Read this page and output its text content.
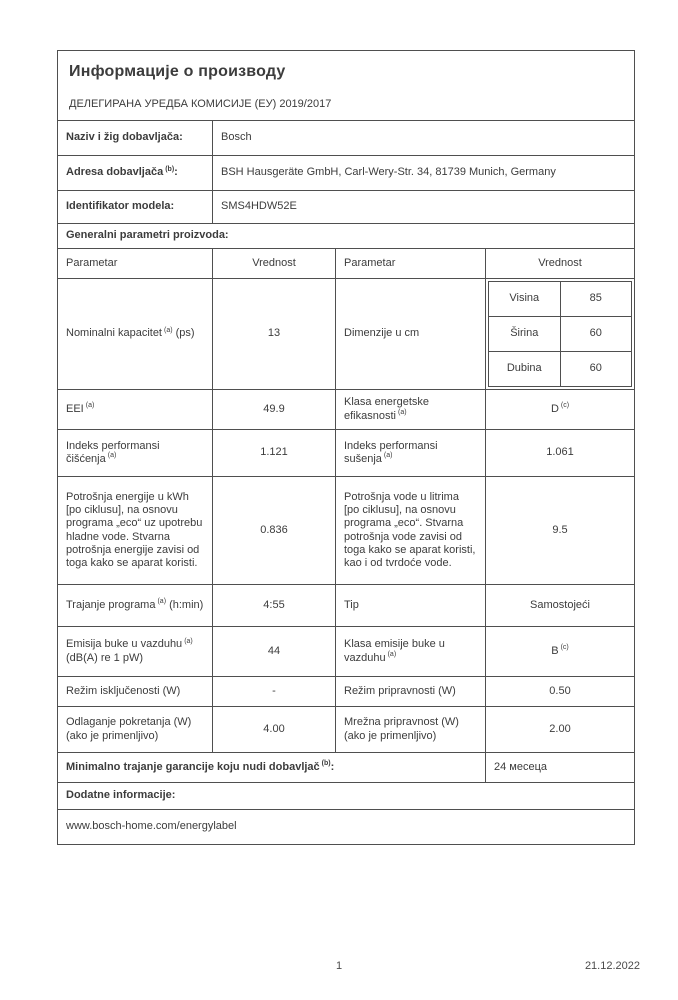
Информације о производу
ДЕЛЕГИРАНА УРЕДБА КОМИСИЈЕ (ЕУ) 2019/2017

Naziv i žig dobavljača:	Bosch
Adresa dobavljača $^{(b)}$:	BSH Hausgeräte GmbH, Carl-Wery-Str. 34, 81739 Munich, Germany
Identifikator modela:	SMS4HDW52E
Generalni parametri proizvoda:
Parametar	Vrednost	Parametar	Vrednost
Nominalni kapacitet $^{(a)}$ (ps)	13	Dimenzije u cm	
Visina	85
Širina	60
Dubina	60

EEI $^{(a)}$	49.9	Klasa energetske efikasnosti $^{(a)}$	D $^{(c)}$
Indeks performansi čišćenja $^{(a)}$	1.121	Indeks performansi sušenja $^{(a)}$	1.061
Potrošnja energije u kWh [po ciklusu], na osnovu programa „eco“ uz upotrebu hladne vode. Stvarna potrošnja energije zavisi od toga kako se aparat koristi.	0.836	Potrošnja vode u litrima [po ciklusu], na osnovu programa „eco“. Stvarna potrošnja vode zavisi od toga kako se aparat koristi, kao i od tvrdoće vode.	9.5
Trajanje programa $^{(a)}$ (h:min)	4:55	Tip	Samostojeći
Emisija buke u vazduhu $^{(a)}$ (dB(A) re 1 pW)	44	Klasa emisije buke u vazduhu $^{(a)}$	B $^{(c)}$
Režim isključenosti (W)	-	Režim pripravnosti (W)	0.50
Odlaganje pokretanja (W) (ako je primenljivo)	4.00	Mrežna pripravnost (W) (ako je primenljivo)	2.00
Minimalno trajanje garancije koju nudi dobavljač $^{(b)}$:	24 месеца
Dodatne informacije:
www.bosch-home.com/energylabel
1	21.12.2022
